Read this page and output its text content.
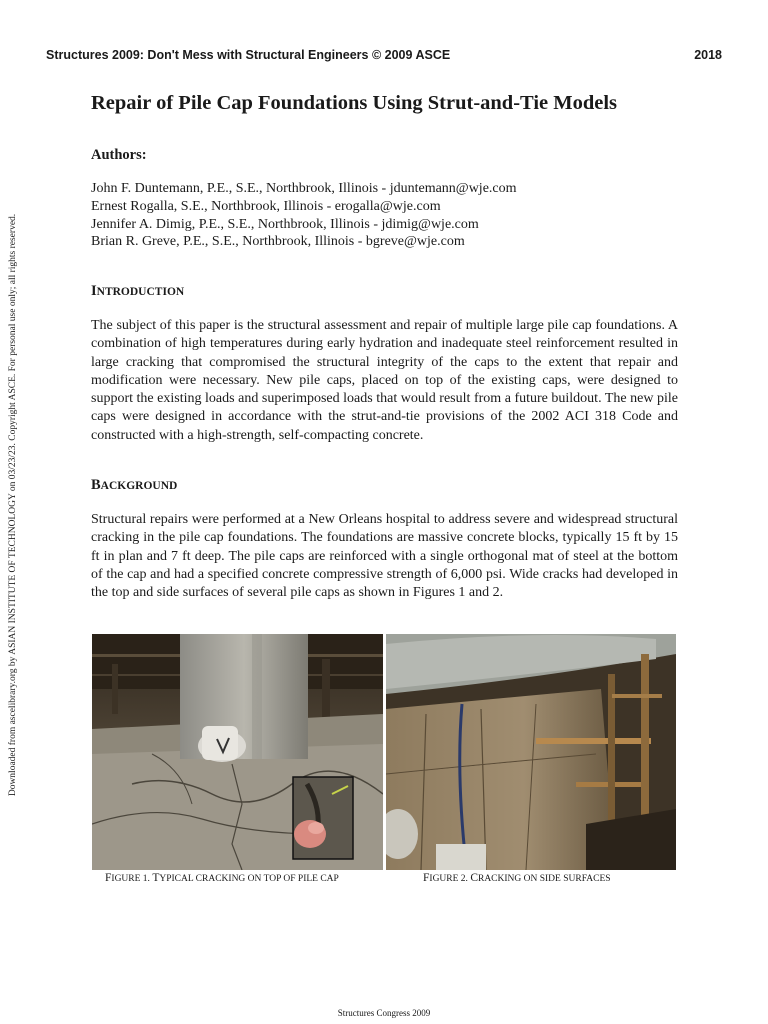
Structures 2009: Don't Mess with Structural Engineers © 2009 ASCE	2018
Downloaded from ascelibrary.org by ASIAN INSTITUTE OF TECHNOLOGY on 03/23/23. Copyright ASCE. For personal use only; all rights reserved.
Repair of Pile Cap Foundations Using Strut-and-Tie Models
Authors:
John F. Duntemann, P.E., S.E., Northbrook, Illinois - jduntemann@wje.com
Ernest Rogalla, S.E., Northbrook, Illinois - erogalla@wje.com
Jennifer A. Dimig, P.E., S.E., Northbrook, Illinois - jdimig@wje.com
Brian R. Greve, P.E., S.E., Northbrook, Illinois - bgreve@wje.com
INTRODUCTION
The subject of this paper is the structural assessment and repair of multiple large pile cap foundations. A combination of high temperatures during early hydration and inadequate steel reinforcement resulted in large cracking that compromised the structural integrity of the caps to the extent that repair and modification were necessary. New pile caps, placed on top of the existing caps, were designed to support the existing loads and superimposed loads that would result from a future buildout. The new pile caps were designed in accordance with the strut-and-tie provisions of the 2002 ACI 318 Code and constructed with a high-strength, self-compacting concrete.
BACKGROUND
Structural repairs were performed at a New Orleans hospital to address severe and widespread structural cracking in the pile cap foundations. The foundations are massive concrete blocks, typically 15 ft by 15 ft in plan and 7 ft deep. The pile caps are reinforced with a single orthogonal mat of steel at the bottom of the cap and had a specified concrete compressive strength of 6,000 psi. Wide cracks had developed in the top and side surfaces of several pile caps as shown in Figures 1 and 2.
FIGURE 1. TYPICAL CRACKING ON TOP OF PILE CAP	FIGURE 2. CRACKING ON SIDE SURFACES
Structures Congress 2009
